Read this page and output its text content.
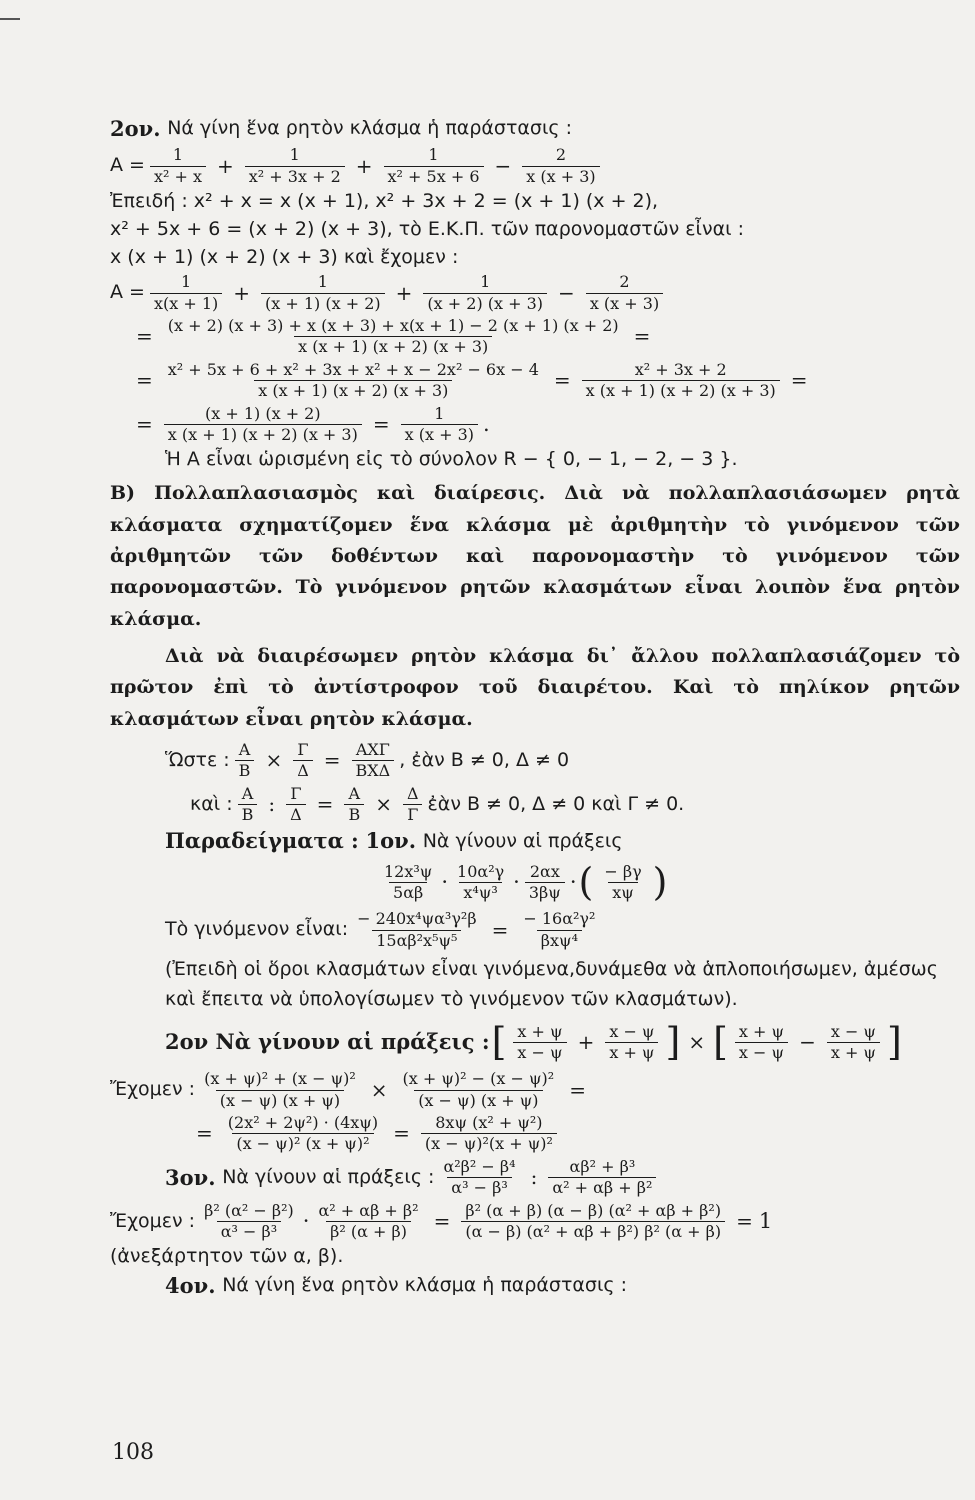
2ον.
Νά γίνη ἕνα ρητὸν κλάσμα ἡ παράστασις :
$A = \frac{1}{\text{x² + x}} + \frac{1}{\text{x² + 3x + 2}} + \frac{1}{\text{x² + 5x + 6}} - \frac{2}{x (x + 3)}$
Ἐπειδή : x² + x = x (x + 1), x² + 3x + 2 = (x + 1) (x + 2),
x² + 5x + 6 = (x + 2) (x + 3), τὸ Ε.Κ.Π. τῶν παρονομαστῶν εἶναι :
x (x + 1) (x + 2) (x + 3) καὶ ἔχομεν :
$A = \frac{1}{x(x + 1)} + \frac{1}{(x + 1) (x + 2)} + \frac{1}{(x + 2) (x + 3)} - \frac{2}{x (x + 3)}$
= $\frac{(x + 2) (x + 3) + x (x + 3) + x(x + 1) - 2 (x + 1) (x + 2)}{x (x + 1) (x + 2) (x + 3)}$ =
= $\frac{\text{x² + 5x + 6 + x² + 3x + x² + x − 2x² − 6x − 4}}{x (x + 1) (x + 2) (x + 3)} = \frac{\text{x² + 3x + 2}}{x (x + 1) (x + 2) (x + 3)}$ =
= $\frac{(x + 1) (x + 2)}{x (x + 1) (x + 2) (x + 3)} = \frac{1}{x (x + 3)}$ .
Ἡ Α εἶναι ὡρισμένη εἰς τὸ σύνολον R − { 0, − 1, − 2, − 3 }.
Β) Πολλαπλασιασμὸς καὶ διαίρεσις. Διὰ νὰ πολλαπλασιάσωμεν ρητὰ κλάσματα σχηματίζομεν ἕνα κλάσμα μὲ ἀριθμητὴν τὸ γινόμενον τῶν ἀριθμητῶν τῶν δοθέντων καὶ παρονομαστὴν τὸ γινόμενον τῶν παρονομαστῶν. Τὸ γινόμενον ρητῶν κλασμάτων εἶναι λοιπὸν ἕνα ρητὸν κλάσμα.
Διὰ νὰ διαιρέσωμεν ρητὸν κλάσμα δι᾽ ἄλλου πολλαπλασιάζομεν τὸ πρῶτον ἐπὶ τὸ ἀντίστροφον τοῦ διαιρέτου. Καὶ τὸ πηλίκον ρητῶν κλασμάτων εἶναι ρητὸν κλάσμα.
Ὥστε : $\frac{A}{B} \times \frac{\Gamma}{\Delta} = \frac{\text{ΑΧΓ}}{\text{ΒΧΔ}}$ , ἐὰν Β ≠ 0, Δ ≠ 0
καὶ : $\frac{A}{B}$ : $\frac{\Gamma}{\Delta} = \frac{A}{B} \times \frac{\Delta}{\Gamma}$ ἐὰν Β ≠ 0, Δ ≠ 0 καὶ Γ ≠ 0.
Παραδείγματα :
1ον.
Νὰ γίνουν αἱ πράξεις
$\frac{\text{12x³ψ}}{5\alpha\beta} \cdot \frac{\text{10α²γ}}{\text{x⁴ψ³}} \cdot \frac{2\alpha x}{3\beta\psi}$ · ( $\frac{- \beta\gamma}{x\psi}$ )
Τὸ γινόμενον εἶναι: $\frac{\text{− 240x⁴ψα³γ²β}}{\text{15αβ²x⁵ψ⁵}} = \frac{\text{− 16α²γ²}}{\text{βxψ⁴}}$
(Ἐπειδὴ οἱ ὅροι κλασμάτων εἶναι γινόμενα,δυνάμεθα νὰ ἁπλοποιήσωμεν, ἀμέσως καὶ ἔπειτα νὰ ὑπολογίσωμεν τὸ γινόμενον τῶν κλασμάτων).
2ον Νὰ γίνουν αἱ πράξεις : [ $\frac{x + \psi}{x - \psi} + \frac{x - \psi}{x + \psi}$ ] × [ $\frac{x + \psi}{x - \psi} - \frac{x - \psi}{x + \psi}$ ]
Ἔχομεν : $\frac{\text{(x + ψ)² + (x − ψ)²}}{(x - \psi) (x + \psi)} \times \frac{\text{(x + ψ)² − (x − ψ)²}}{(x - \psi) (x + \psi)}$ =
= $\frac{\text{(2x² + 2ψ²) · (4xψ)}}{\text{(x − ψ)² (x + ψ)²}} = \frac{\text{8xψ (x² + ψ²)}}{\text{(x − ψ)²(x + ψ)²}}$
3ον.
Νὰ γίνουν αἱ πράξεις : $\frac{\text{α²β² − β⁴}}{\text{α³ − β³}}$ : $\frac{\text{αβ² + β³}}{\text{α² + αβ + β²}}$
Ἔχομεν : $\frac{\text{β² (α² − β²)}}{\text{α³ − β³}} \cdot \frac{\text{α² + αβ + β²}}{\text{β² (α + β)}} = \frac{\text{β² (α + β) (α − β) (α² + αβ + β²)}}{\text{(α − β) (α² + αβ + β²) β² (α + β)}} = 1$
(ἀνεξάρτητον τῶν α, β).
4ον.
Νά γίνη ἕνα ρητὸν κλάσμα ἡ παράστασις :
108
